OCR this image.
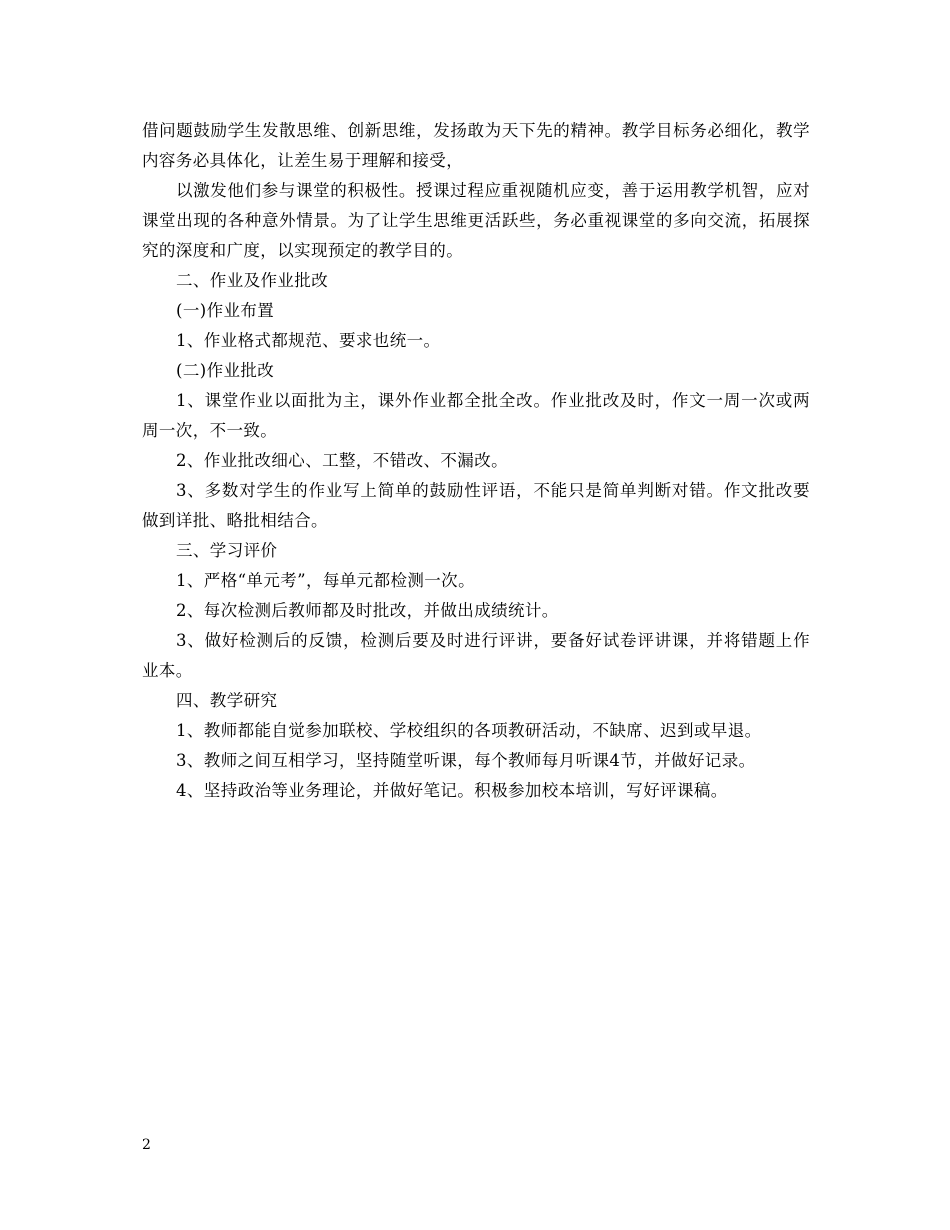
借问题鼓励学生发散思维、创新思维，发扬敢为天下先的精神。教学目标务必细化，教学内容务必具体化，让差生易于理解和接受，

以激发他们参与课堂的积极性。授课过程应重视随机应变，善于运用教学机智，应对课堂出现的各种意外情景。为了让学生思维更活跃些，务必重视课堂的多向交流，拓展探究的深度和广度，以实现预定的教学目的。

二、作业及作业批改

(一)作业布置

1、作业格式都规范、要求也统一。

(二)作业批改

1、课堂作业以面批为主，课外作业都全批全改。作业批改及时，作文一周一次或两周一次，不一致。

2、作业批改细心、工整，不错改、不漏改。

3、多数对学生的作业写上简单的鼓励性评语，不能只是简单判断对错。作文批改要做到详批、略批相结合。

三、学习评价

1、严格“单元考”，每单元都检测一次。

2、每次检测后教师都及时批改，并做出成绩统计。

3、做好检测后的反馈，检测后要及时进行评讲，要备好试卷评讲课，并将错题上作业本。

四、教学研究

1、教师都能自觉参加联校、学校组织的各项教研活动，不缺席、迟到或早退。

3、教师之间互相学习，坚持随堂听课，每个教师每月听课4节，并做好记录。

4、坚持政治等业务理论，并做好笔记。积极参加校本培训，写好评课稿。

2
